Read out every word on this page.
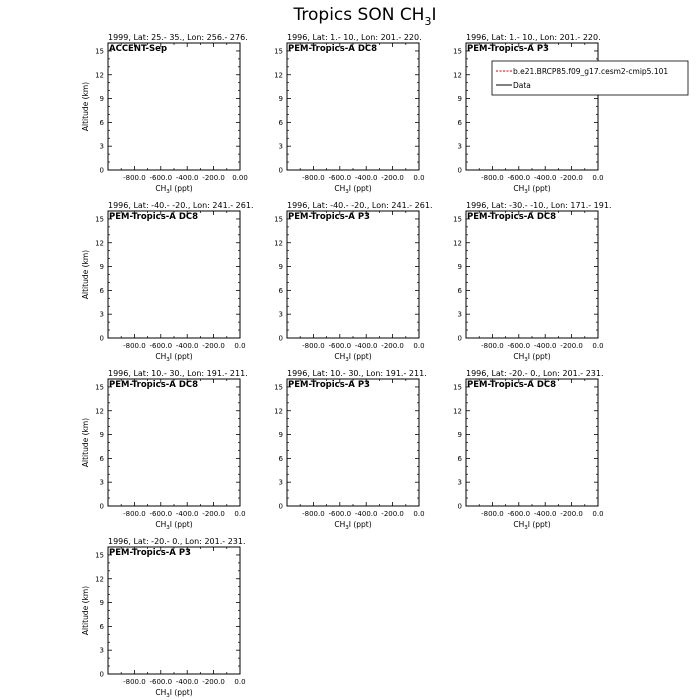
Tropics SON $CH_3I$
1999, Lat: 25.- 35., Lon: 256.- 276.
ACCENT-Sep
0
3
6
9
12
15
-800.0 -600.0 -400.0 -200.0 0.00
$CH_3I$ (ppt)
Altitude (km)
1996, Lat: 1.- 10., Lon: 201.- 220.
PEM-Tropics-A DC8
0
3
6
9
12
15
-800.0 -600.0 -400.0 -200.0 0.0
$CH_3I$ (ppt)
1996, Lat: 1.- 10., Lon: 201.- 220.
PEM-Tropics-A P3
0
3
6
9
12
15
-800.0 -600.0 -400.0 -200.0 0.0
$CH_3I$ (ppt)
1996, Lat: -40.- -20., Lon: 241.- 261.
PEM-Tropics-A DC8
0
3
6
9
12
15
-800.0 -600.0 -400.0 -200.0 0.0
$CH_3I$ (ppt)
Altitude (km)
1996, Lat: -40.- -20., Lon: 241.- 261.
PEM-Tropics-A P3
0
3
6
9
12
15
-800.0 -600.0 -400.0 -200.0 0.0
$CH_3I$ (ppt)
1996, Lat: -30.- -10., Lon: 171.- 191.
PEM-Tropics-A DC8
0
3
6
9
12
15
-800.0 -600.0 -400.0 -200.0 0.0
$CH_3I$ (ppt)
1996, Lat: 10.- 30., Lon: 191.- 211.
PEM-Tropics-A DC8
0
3
6
9
12
15
-800.0 -600.0 -400.0 -200.0 0.0
$CH_3I$ (ppt)
Altitude (km)
1996, Lat: 10.- 30., Lon: 191.- 211.
PEM-Tropics-A P3
0
3
6
9
12
15
-800.0 -600.0 -400.0 -200.0 0.0
$CH_3I$ (ppt)
1996, Lat: -20.- 0., Lon: 201.- 231.
PEM-Tropics-A DC8
0
3
6
9
12
15
-800.0 -600.0 -400.0 -200.0 0.0
$CH_3I$ (ppt)
1996, Lat: -20.- 0., Lon: 201.- 231.
PEM-Tropics-A P3
0
3
6
9
12
15
-800.0 -600.0 -400.0 -200.0 0.0
$CH_3I$ (ppt)
Altitude (km)
b.e21.BRCP85.f09_g17.cesm2-cmip5.101
Data
